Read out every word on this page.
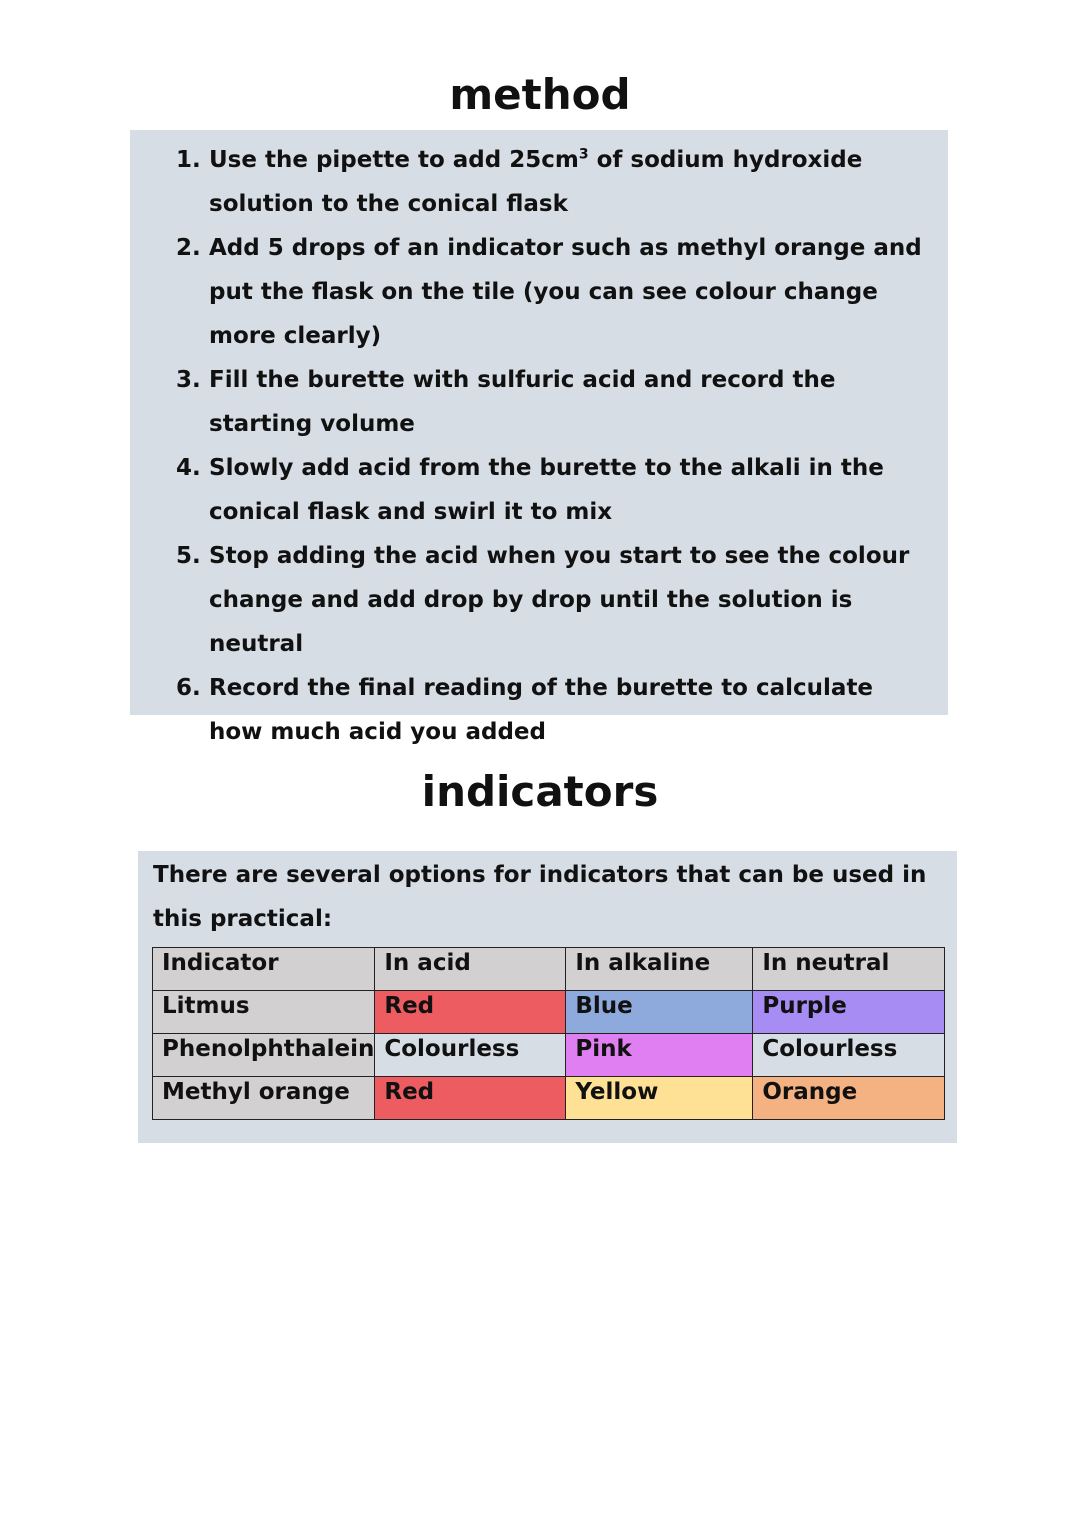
method
1. Use the pipette to add $25cm^3$ of sodium hydroxide solution to the conical flask
2. Add 5 drops of an indicator such as methyl orange and put the flask on the tile (you can see colour change more clearly)
3. Fill the burette with sulfuric acid and record the starting volume
4. Slowly add acid from the burette to the alkali in the conical flask and swirl it to mix
5. Stop adding the acid when you start to see the colour change and add drop by drop until the solution is neutral
6. Record the final reading of the burette to calculate how much acid you added
indicators

There are several options for indicators that can be used in this practical:

Indicator	In acid	In alkaline	In neutral
Litmus	Red	Blue	Purple
Phenolphthalein	Colourless	Pink	Colourless
Methyl orange	Red	Yellow	Orange
